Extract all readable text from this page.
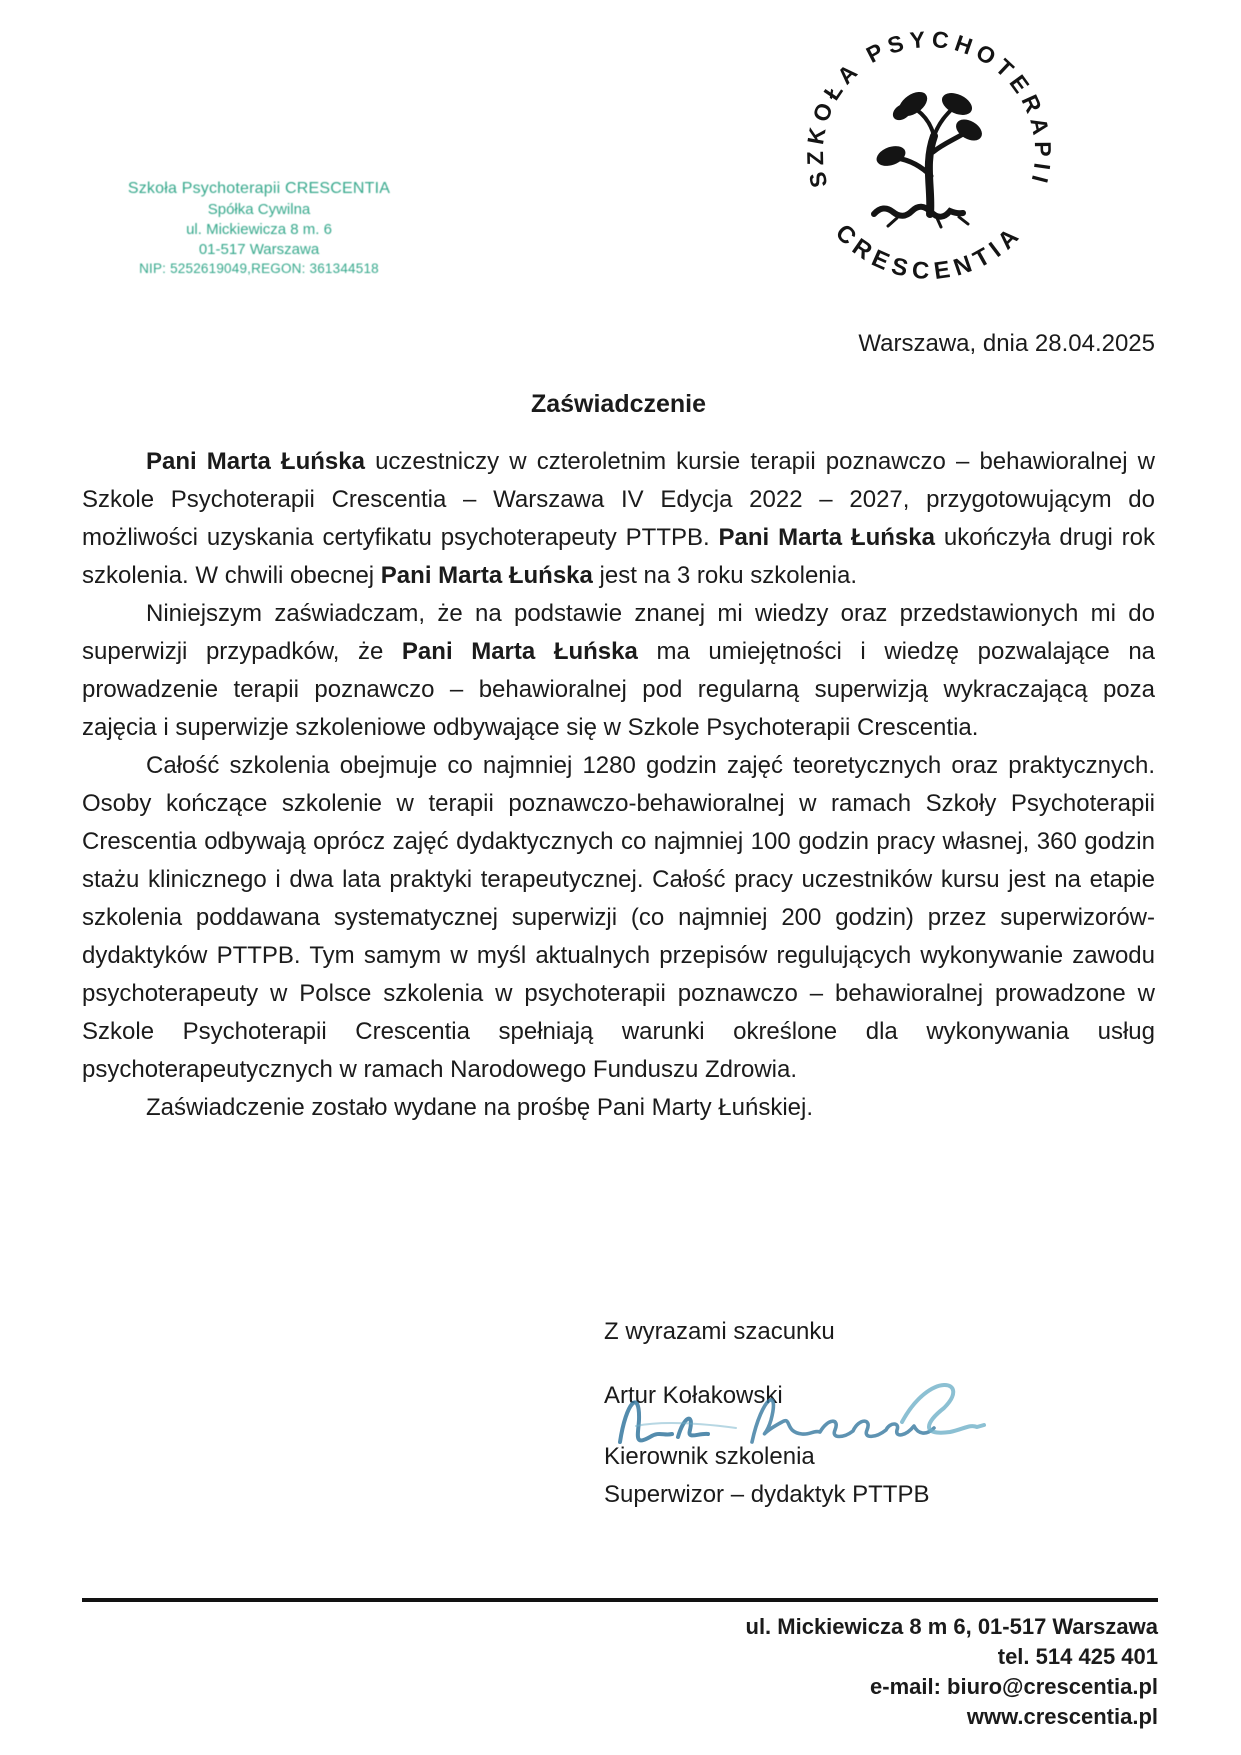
Szkoła Psychoterapii CRESCENTIA
Spółka Cywilna
ul. Mickiewicza 8 m. 6
01-517 Warszawa
NIP: 5252619049,REGON: 361344518
SZKOŁA PSYCHOTERAPII
CRESCENTIA
Warszawa, dnia 28.04.2025
Zaświadczenie

Pani Marta Łuńska uczestniczy w czteroletnim kursie terapii poznawczo – behawioralnej w Szkole Psychoterapii Crescentia – Warszawa IV Edycja 2022 – 2027, przygotowującym do możliwości uzyskania certyfikatu psychoterapeuty PTTPB. Pani Marta Łuńska ukończyła drugi rok szkolenia. W chwili obecnej Pani Marta Łuńska jest na 3 roku szkolenia.

Niniejszym zaświadczam, że na podstawie znanej mi wiedzy oraz przedstawionych mi do superwizji przypadków, że Pani Marta Łuńska ma umiejętności i wiedzę pozwalające na prowadzenie terapii poznawczo – behawioralnej pod regularną superwizją wykraczającą poza zajęcia i superwizje szkoleniowe odbywające się w Szkole Psychoterapii Crescentia.

Całość szkolenia obejmuje co najmniej 1280 godzin zajęć teoretycznych oraz praktycznych. Osoby kończące szkolenie w terapii poznawczo-behawioralnej w ramach Szkoły Psychoterapii Crescentia odbywają oprócz zajęć dydaktycznych co najmniej 100 godzin pracy własnej, 360 godzin stażu klinicznego i dwa lata praktyki terapeutycznej. Całość pracy uczestników kursu jest na etapie szkolenia poddawana systematycznej superwizji (co najmniej 200 godzin) przez superwizorów-dydaktyków PTTPB. Tym samym w myśl aktualnych przepisów regulujących wykonywanie zawodu psychoterapeuty w Polsce szkolenia w psychoterapii poznawczo – behawioralnej prowadzone w Szkole Psychoterapii Crescentia spełniają warunki określone dla wykonywania usług psychoterapeutycznych w ramach Narodowego Funduszu Zdrowia.

Zaświadczenie zostało wydane na prośbę Pani Marty Łuńskiej.

Z wyrazami szacunku
Artur Kołakowski
Kierownik szkolenia
Superwizor – dydaktyk PTTPB
ul. Mickiewicza 8 m 6, 01-517 Warszawa
tel. 514 425 401
e-mail: biuro@crescentia.pl
www.crescentia.pl
